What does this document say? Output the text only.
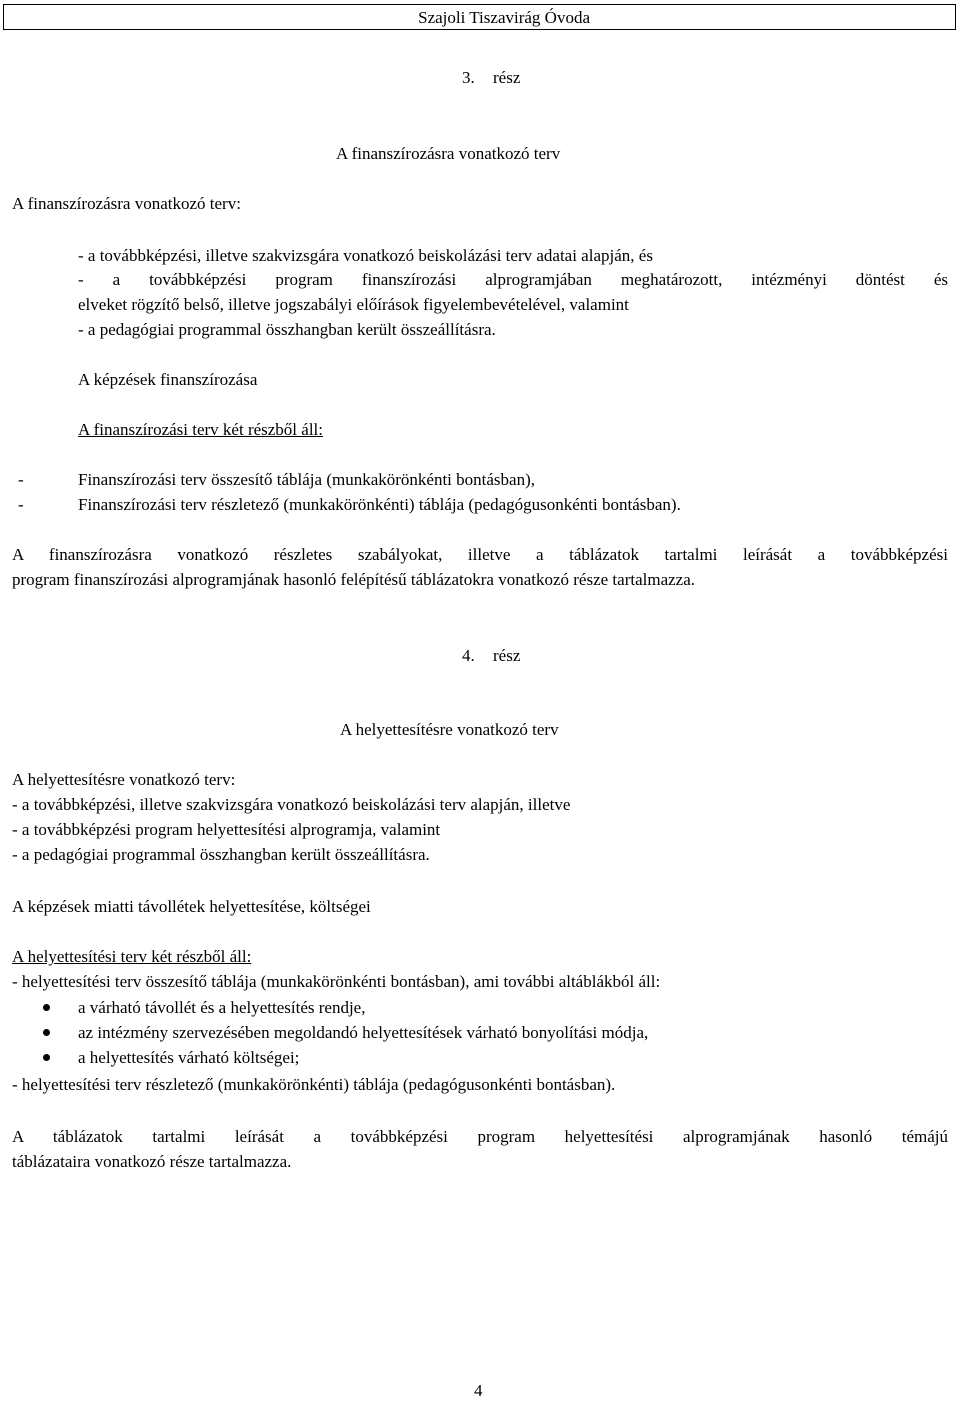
Szajoli Tiszavirág Óvoda
3. rész
A finanszírozásra vonatkozó terv
A finanszírozásra vonatkozó terv:
- a továbbképzési, illetve szakvizsgára vonatkozó beiskolázási terv adatai alapján, és
- a továbbképzési program finanszírozási alprogramjában meghatározott, intézményi döntést és
elveket rögzítő belső, illetve jogszabályi előírások figyelembevételével, valamint
- a pedagógiai programmal összhangban került összeállításra.
A képzések finanszírozása
A finanszírozási terv két részből áll:
-	Finanszírozási terv összesítő táblája (munkakörönkénti bontásban),
-	Finanszírozási terv részletező (munkakörönkénti) táblája (pedagógusonkénti bontásban).
A finanszírozásra vonatkozó részletes szabályokat, illetve a táblázatok tartalmi leírását a továbbképzési
program finanszírozási alprogramjának hasonló felépítésű táblázatokra vonatkozó része tartalmazza.
4. rész
A helyettesítésre vonatkozó terv
A helyettesítésre vonatkozó terv:
- a továbbképzési, illetve szakvizsgára vonatkozó beiskolázási terv alapján, illetve
- a továbbképzési program helyettesítési alprogramja, valamint
- a pedagógiai programmal összhangban került összeállításra.
A képzések miatti távollétek helyettesítése, költségei
A helyettesítési terv két részből áll:
- helyettesítési terv összesítő táblája (munkakörönkénti bontásban), ami további altáblákból áll:
a várható távollét és a helyettesítés rendje,
az intézmény szervezésében megoldandó helyettesítések várható bonyolítási módja,
a helyettesítés várható költségei;
- helyettesítési terv részletező (munkakörönkénti) táblája (pedagógusonkénti bontásban).
A táblázatok tartalmi leírását a továbbképzési program helyettesítési alprogramjának hasonló témájú
táblázataira vonatkozó része tartalmazza.
4
